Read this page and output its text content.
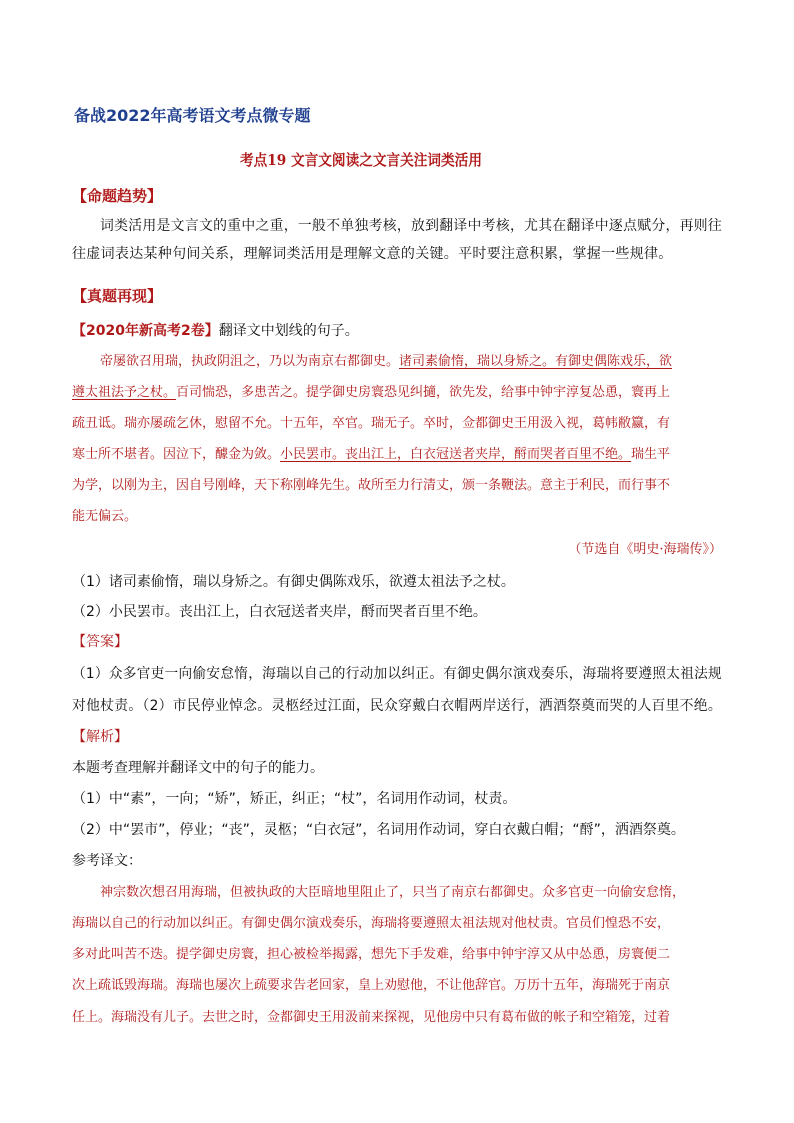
备战2022年高考语文考点微专题
考点19 文言文阅读之文言关注词类活用
【命题趋势】
词类活用是文言文的重中之重，一般不单独考核，放到翻译中考核，尤其在翻译中逐点赋分，再则往
往虚词表达某种句间关系，理解词类活用是理解文意的关键。平时要注意积累，掌握一些规律。
【真题再现】
【2020年新高考2卷】翻译文中划线的句子。
帝屡欲召用瑞，执政阴沮之，乃以为南京右都御史。诸司素偷惰，瑞以身矫之。有御史偶陈戏乐，欲
遵太祖法予之杖。百司惴恐，多患苦之。提学御史房寰恐见纠擿，欲先发，给事中钟宇淳复怂恿，寰再上
疏丑诋。瑞亦屡疏乞休，慰留不允。十五年，卒官。瑞无子。卒时，佥都御史王用汲入视，葛帏敝籝，有
寒士所不堪者。因泣下，醵金为敛。小民罢市。丧出江上，白衣冠送者夹岸，酹而哭者百里不绝。瑞生平
为学，以刚为主，因自号刚峰，天下称刚峰先生。故所至力行清丈，颁一条鞭法。意主于利民，而行事不
能无偏云。
（节选自《明史·海瑞传》）
（1）诸司素偷惰，瑞以身矫之。有御史偶陈戏乐，欲遵太祖法予之杖。
（2）小民罢市。丧出江上，白衣冠送者夹岸，酹而哭者百里不绝。
【答案】
（1）众多官吏一向偷安怠惰，海瑞以自己的行动加以纠正。有御史偶尔演戏奏乐，海瑞将要遵照太祖法规
对他杖责。（2）市民停业悼念。灵柩经过江面，民众穿戴白衣帽两岸送行，洒酒祭奠而哭的人百里不绝。
【解析】
本题考查理解并翻译文中的句子的能力。
（1）中“素”，一向；“矫”，矫正，纠正；“杖”，名词用作动词，杖责。
（2）中“罢市”，停业；“丧”，灵柩；“白衣冠”，名词用作动词，穿白衣戴白帽；“酹”，洒酒祭奠。
参考译文：
神宗数次想召用海瑞，但被执政的大臣暗地里阻止了，只当了南京右都御史。众多官吏一向偷安怠惰，
海瑞以自己的行动加以纠正。有御史偶尔演戏奏乐，海瑞将要遵照太祖法规对他杖责。官员们惶恐不安，
多对此叫苦不迭。提学御史房寰，担心被检举揭露，想先下手发难，给事中钟宇淳又从中怂恿，房寰便二
次上疏诋毁海瑞。海瑞也屡次上疏要求告老回家，皇上劝慰他，不让他辞官。万历十五年，海瑞死于南京
任上。海瑞没有儿子。去世之时，佥都御史王用汲前来探视，见他房中只有葛布做的帐子和空箱笼，过着
